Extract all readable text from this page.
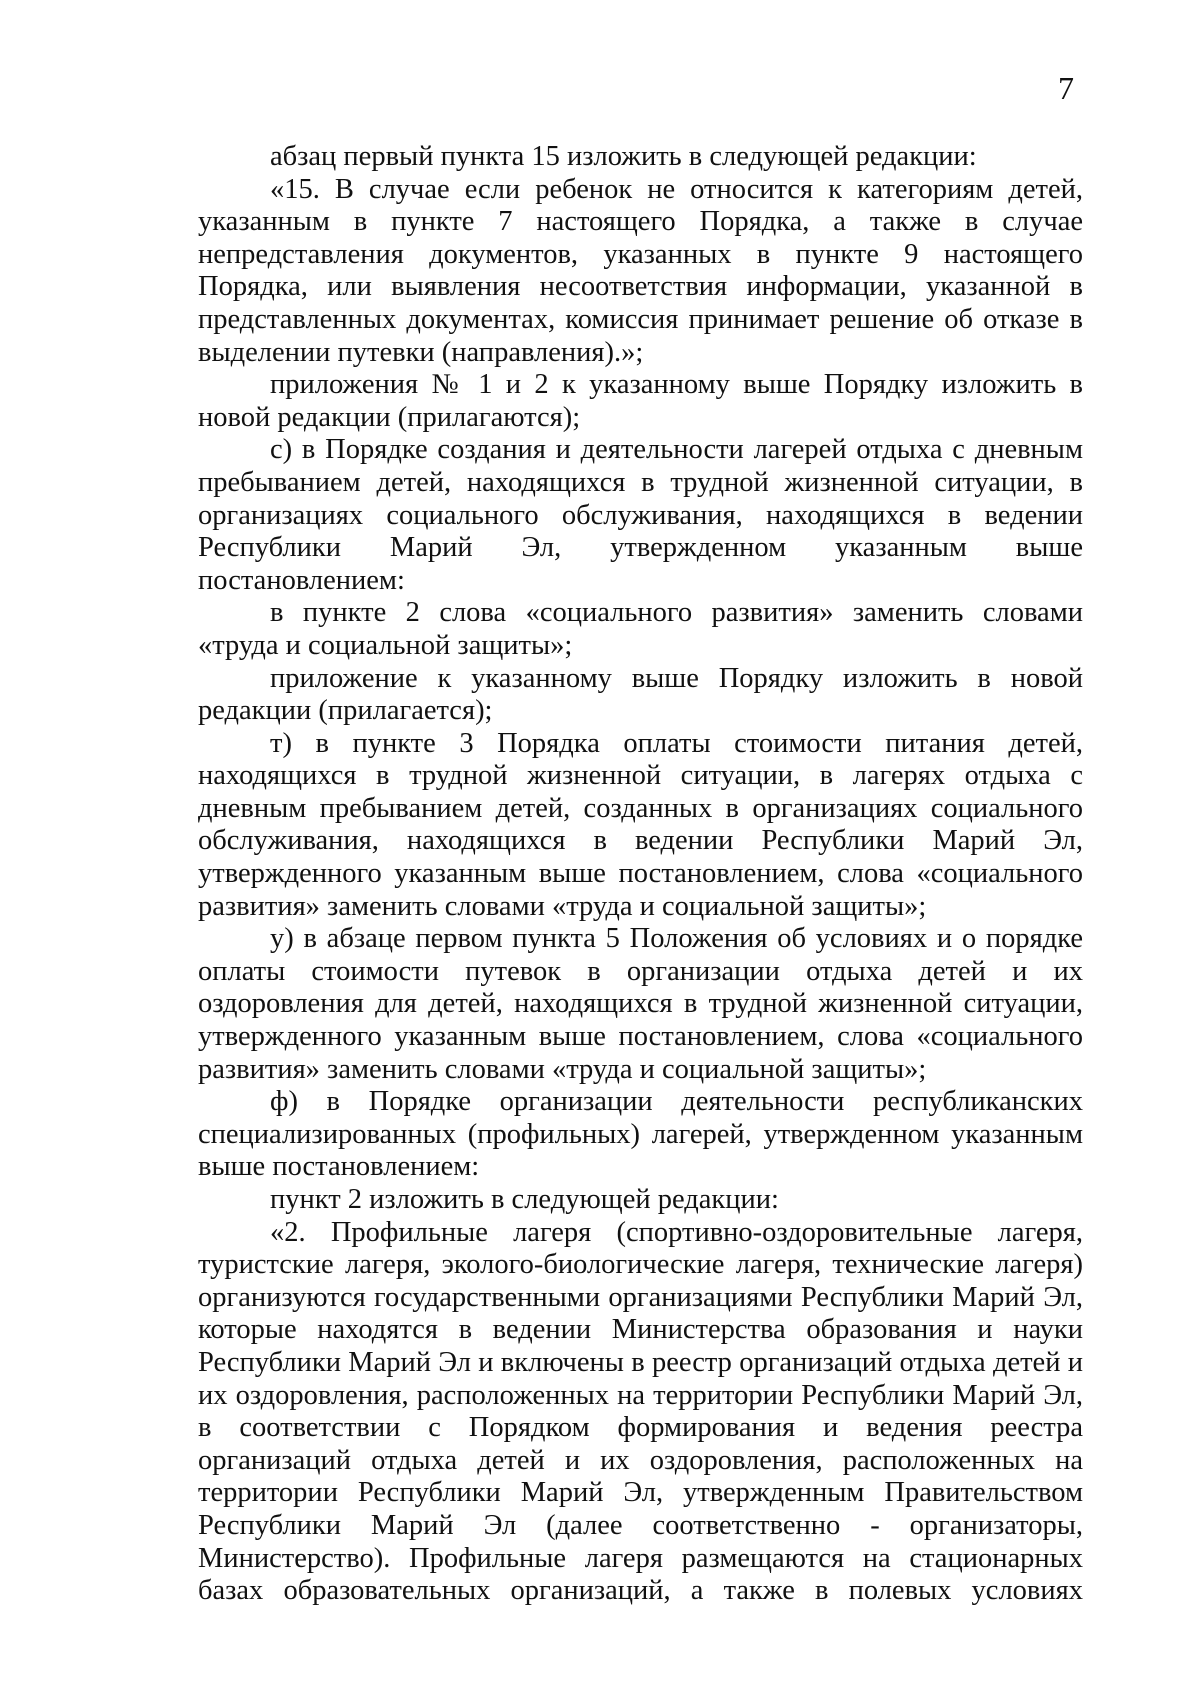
7

абзац первый пункта 15 изложить в следующей редакции:

«15. В случае если ребенок не относится к категориям детей, указанным в пункте 7 настоящего Порядка, а также в случае непредставления документов, указанных в пункте 9 настоящего Порядка, или выявления несоответствия информации, указанной в представленных документах, комиссия принимает решение об отказе в выделении путевки (направления).»;

приложения № 1 и 2 к указанному выше Порядку изложить в новой редакции (прилагаются);

с) в Порядке создания и деятельности лагерей отдыха с дневным пребыванием детей, находящихся в трудной жизненной ситуации, в организациях социального обслуживания, находящихся в ведении Республики Марий Эл, утвержденном указанным выше постановлением:

в пункте 2 слова «социального развития» заменить словами «труда и социальной защиты»;

приложение к указанному выше Порядку изложить в новой редакции (прилагается);

т) в пункте 3 Порядка оплаты стоимости питания детей, находящихся в трудной жизненной ситуации, в лагерях отдыха с дневным пребыванием детей, созданных в организациях социального обслуживания, находящихся в ведении Республики Марий Эл, утвержденного указанным выше постановлением, слова «социального развития» заменить словами «труда и социальной защиты»;

у) в абзаце первом пункта 5 Положения об условиях и о порядке оплаты стоимости путевок в организации отдыха детей и их оздоровления для детей, находящихся в трудной жизненной ситуации, утвержденного указанным выше постановлением, слова «социального развития» заменить словами «труда и социальной защиты»;

ф) в Порядке организации деятельности республиканских специализированных (профильных) лагерей, утвержденном указанным выше постановлением:

пункт 2 изложить в следующей редакции:

«2. Профильные лагеря (спортивно-оздоровительные лагеря, туристские лагеря, эколого-биологические лагеря, технические лагеря) организуются государственными организациями Республики Марий Эл, которые находятся в ведении Министерства образования и науки Республики Марий Эл и включены в реестр организаций отдыха детей и их оздоровления, расположенных на территории Республики Марий Эл, в соответствии с Порядком формирования и ведения реестра организаций отдыха детей и их оздоровления, расположенных на территории Республики Марий Эл, утвержденным Правительством Республики Марий Эл (далее соответственно - организаторы, Министерство). Профильные лагеря размещаются на стационарных базах образовательных организаций, а также в полевых условиях
